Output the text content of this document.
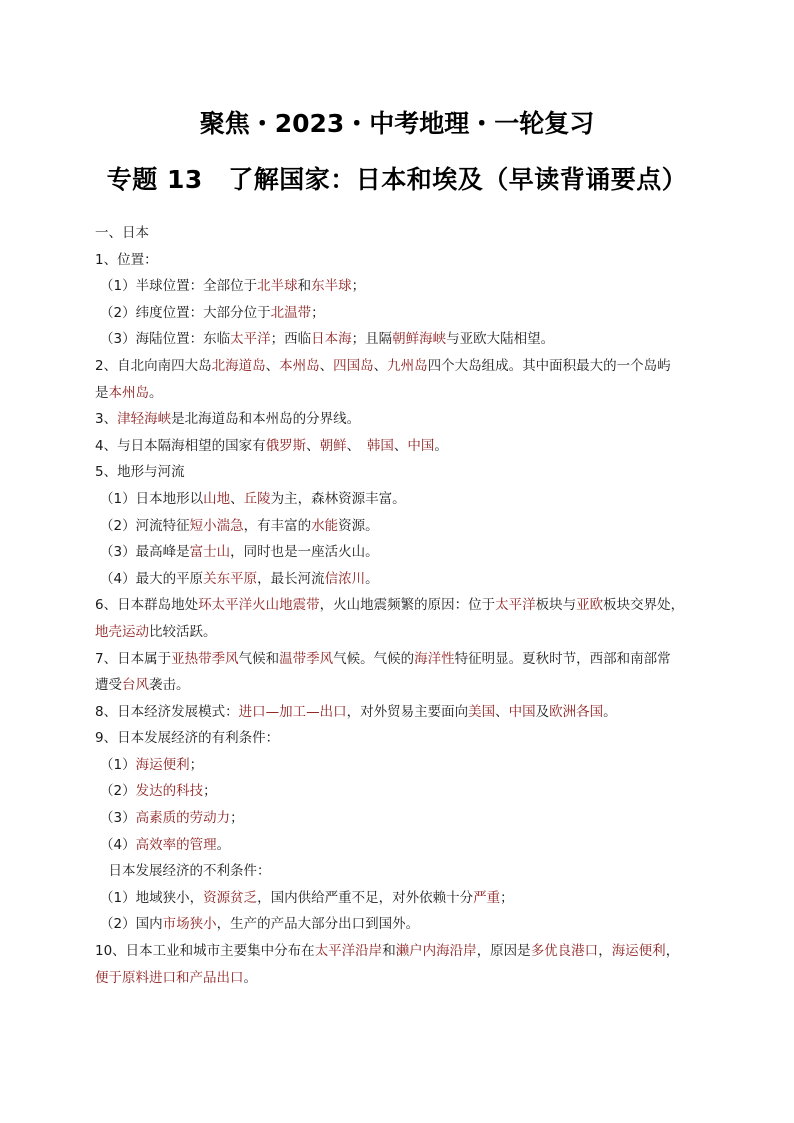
聚焦・2023・中考地理・一轮复习
专题 13　了解国家：日本和埃及（早读背诵要点）
一、日本
1、位置：
（1）半球位置：全部位于北半球和东半球；
（2）纬度位置：大部分位于北温带；
（3）海陆位置：东临太平洋；西临日本海；且隔朝鲜海峡与亚欧大陆相望。
2、自北向南四大岛北海道岛、本州岛、四国岛、九州岛四个大岛组成。其中面积最大的一个岛屿
是本州岛。
3、津轻海峡是北海道岛和本州岛的分界线。
4、与日本隔海相望的国家有俄罗斯、朝鲜、　韩国、中国。
5、地形与河流
（1）日本地形以山地、丘陵为主，森林资源丰富。
（2）河流特征短小湍急，有丰富的水能资源。
（3）最高峰是富士山，同时也是一座活火山。
（4）最大的平原关东平原，最长河流信浓川。
6、日本群岛地处环太平洋火山地震带，火山地震频繁的原因：位于太平洋板块与亚欧板块交界处，
地壳运动比较活跃。
7、日本属于亚热带季风气候和温带季风气候。气候的海洋性特征明显。夏秋时节，西部和南部常
遭受台风袭击。
8、日本经济发展模式：进口—加工—出口，对外贸易主要面向美国、中国及欧洲各国。
9、日本发展经济的有利条件：
（1）海运便利；
（2）发达的科技；
（3）高素质的劳动力；
（4）高效率的管理。
　日本发展经济的不利条件：
（1）地域狭小，资源贫乏，国内供给严重不足，对外依赖十分严重；
（2）国内市场狭小，生产的产品大部分出口到国外。
10、日本工业和城市主要集中分布在太平洋沿岸和濑户内海沿岸，原因是多优良港口，海运便利，
便于原料进口和产品出口。
